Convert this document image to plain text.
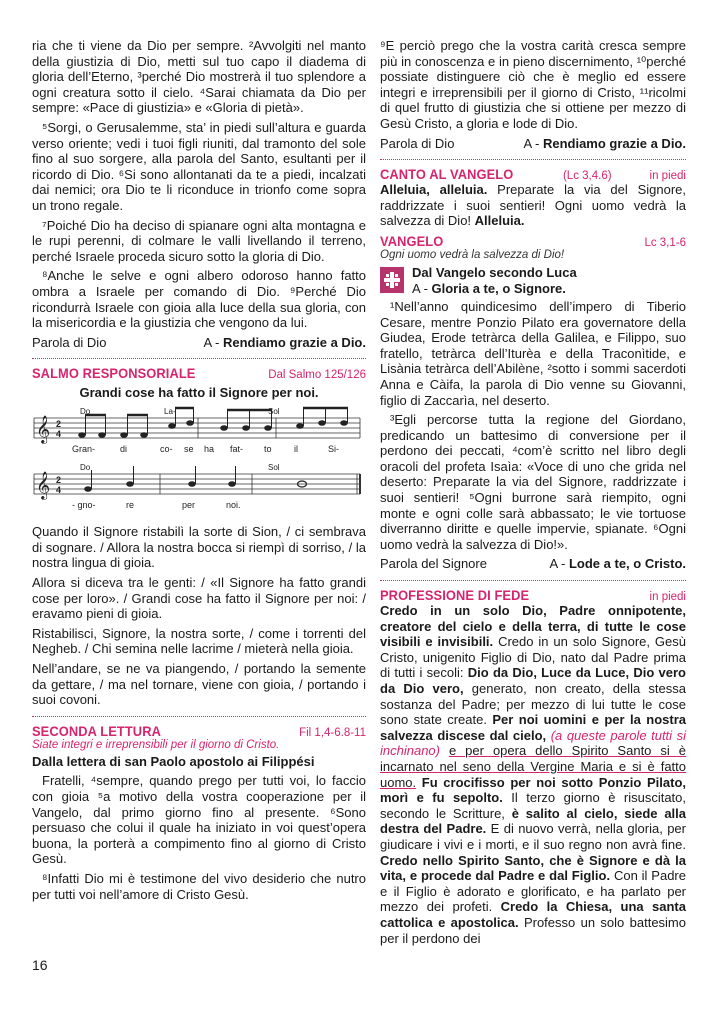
ria che ti viene da Dio per sempre. ²Avvolgiti nel manto della giustizia di Dio, metti sul tuo capo il diadema di gloria dell’Eterno, ³perché Dio mostrerà il tuo splendore a ogni creatura sotto il cielo. ⁴Sarai chiamata da Dio per sempre: «Pace di giustizia» e «Gloria di pietà».

⁵Sorgi, o Gerusalemme, sta’ in piedi sull’altura e guarda verso oriente; vedi i tuoi figli riuniti, dal tramonto del sole fino al suo sorgere, alla parola del Santo, esultanti per il ricordo di Dio. ⁶Si sono allontanati da te a piedi, incalzati dai nemici; ora Dio te li riconduce in trionfo come sopra un trono regale.

⁷Poiché Dio ha deciso di spianare ogni alta montagna e le rupi perenni, di colmare le valli livellando il terreno, perché Israele proceda sicuro sotto la gloria di Dio.

⁸Anche le selve e ogni albero odoroso hanno fatto ombra a Israele per comando di Dio. ⁹Perché Dio ricondurrà Israele con gioia alla luce della sua gloria, con la misericordia e la giustizia che vengono da lui.

Parola di Dio	A - Rendiamo grazie a Dio.
SALMO RESPONSORIALE	Dal Salmo 125/126
Grandi cose ha fatto il Signore per noi.
𝄞
𝄞
2
4
2
4
Do	La-	Sol
Do	Sol
Gran-	di	co- se ha fat- to il	Si-
- gno-	re	per	noi.

Quando il Signore ristabilì la sorte di Sion, / ci sembrava di sognare. / Allora la nostra bocca si riempì di sorriso, / la nostra lingua di gioia.

Allora si diceva tra le genti: / «Il Signore ha fatto grandi cose per loro». / Grandi cose ha fatto il Signore per noi: / eravamo pieni di gioia.

Ristabilisci, Signore, la nostra sorte, / come i torrenti del Negheb. / Chi semina nelle lacrime / mieterà nella gioia.

Nell’andare, se ne va piangendo, / portando la semente da gettare, / ma nel tornare, viene con gioia, / portando i suoi covoni.

SECONDA LETTURA	Fil 1,4-6.8-11
Siate integri e irreprensibili per il giorno di Cristo.

Dalla lettera di san Paolo apostolo ai Filippési

Fratelli, ⁴sempre, quando prego per tutti voi, lo faccio con gioia ⁵a motivo della vostra cooperazione per il Vangelo, dal primo giorno fino al presente. ⁶Sono persuaso che colui il quale ha iniziato in voi quest’opera buona, la porterà a compimento fino al giorno di Cristo Gesù.

⁸Infatti Dio mi è testimone del vivo desiderio che nutro per tutti voi nell’amore di Cristo Gesù.

16

⁹E perciò prego che la vostra carità cresca sempre più in conoscenza e in pieno discernimento, ¹⁰perché possiate distinguere ciò che è meglio ed essere integri e irreprensibili per il giorno di Cristo, ¹¹ricolmi di quel frutto di giustizia che si ottiene per mezzo di Gesù Cristo, a gloria e lode di Dio.

Parola di Dio	A - Rendiamo grazie a Dio.
CANTO AL VANGELO	(Lc 3,4.6)	in piedi

Alleluia, alleluia. Preparate la via del Signore, raddrizzate i suoi sentieri! Ogni uomo vedrà la salvezza di Dio! Alleluia.

VANGELO	Lc 3,1-6
Ogni uomo vedrà la salvezza di Dio!
Dal Vangelo secondo Luca
A - Gloria a te, o Signore.

¹Nell’anno quindicesimo dell’impero di Tiberio Cesare, mentre Ponzio Pilato era governatore della Giudea, Erode tetràrca della Galilea, e Filippo, suo fratello, tetràrca dell’Iturèa e della Traconìtide, e Lisània tetràrca dell’Abilène, ²sotto i sommi sacerdoti Anna e Càifa, la parola di Dio venne su Giovanni, figlio di Zaccarìa, nel deserto.

³Egli percorse tutta la regione del Giordano, predicando un battesimo di conversione per il perdono dei peccati, ⁴com’è scritto nel libro degli oracoli del profeta Isaìa: «Voce di uno che grida nel deserto: Preparate la via del Signore, raddrizzate i suoi sentieri! ⁵Ogni burrone sarà riempito, ogni monte e ogni colle sarà abbassato; le vie tortuose diverranno diritte e quelle impervie, spianate. ⁶Ogni uomo vedrà la salvezza di Dio!».

Parola del Signore	A - Lode a te, o Cristo.
PROFESSIONE DI FEDE	in piedi

Credo in un solo Dio, Padre onnipotente, creatore del cielo e della terra, di tutte le cose visibili e invisibili. Credo in un solo Signore, Gesù Cristo, unigenito Figlio di Dio, nato dal Padre prima di tutti i secoli: Dio da Dio, Luce da Luce, Dio vero da Dio vero, generato, non creato, della stessa sostanza del Padre; per mezzo di lui tutte le cose sono state create. Per noi uomini e per la nostra salvezza discese dal cielo, (a queste parole tutti si inchinano) e per opera dello Spirito Santo si è incarnato nel seno della Vergine Maria e si è fatto uomo. Fu crocifisso per noi sotto Ponzio Pilato, morì e fu sepolto. Il terzo giorno è risuscitato, secondo le Scritture, è salito al cielo, siede alla destra del Padre. E di nuovo verrà, nella gloria, per giudicare i vivi e i morti, e il suo regno non avrà fine. Credo nello Spirito Santo, che è Signore e dà la vita, e procede dal Padre e dal Figlio. Con il Padre e il Figlio è adorato e glorificato, e ha parlato per mezzo dei profeti. Credo la Chiesa, una santa cattolica e apostolica. Professo un solo battesimo per il perdono dei
